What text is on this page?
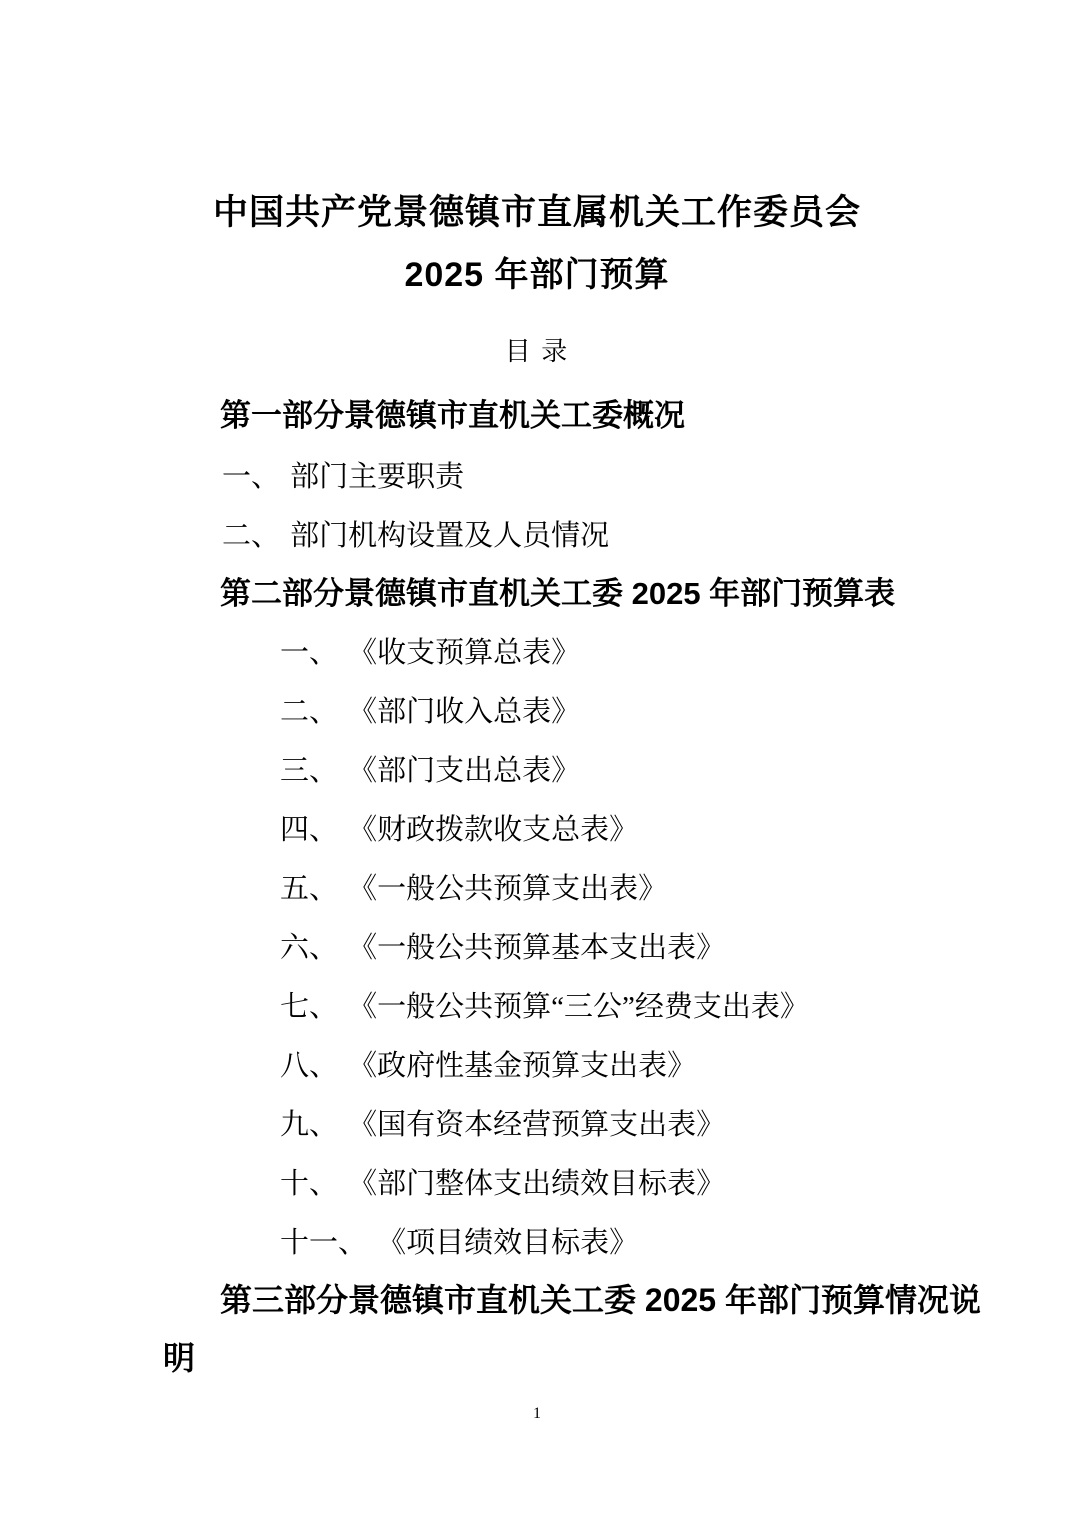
中国共产党景德镇市直属机关工作委员会
2025 年部门预算
目 录
第一部分景德镇市直机关工委概况
一、 部门主要职责
二、 部门机构设置及人员情况
第二部分景德镇市直机关工委 2025 年部门预算表
一、 《收支预算总表》
二、 《部门收入总表》
三、 《部门支出总表》
四、 《财政拨款收支总表》
五、 《一般公共预算支出表》
六、 《一般公共预算基本支出表》
七、 《一般公共预算“三公”经费支出表》
八、 《政府性基金预算支出表》
九、 《国有资本经营预算支出表》
十、 《部门整体支出绩效目标表》
十一、 《项目绩效目标表》
第三部分景德镇市直机关工委 2025 年部门预算情况说
明
1
